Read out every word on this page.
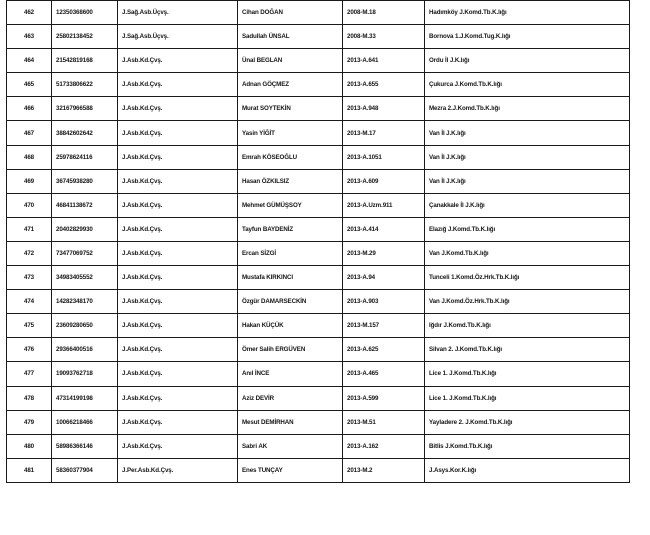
462	12350368600	J.Sağ.Asb.Üçvş.	Cihan DOĞAN	2008-M.18	Hadımköy J.Komd.Tb.K.lığı
463	25802138452	J.Sağ.Asb.Üçvş.	Sadullah ÜNSAL	2008-M.33	Bornova 1.J.Komd.Tug.K.lığı
464	21542819168	J.Asb.Kd.Çvş.	Ünal BEGLAN	2013-A.641	Ordu İl J.K.lığı
465	51733806622	J.Asb.Kd.Çvş.	Adnan GÖÇMEZ	2013-A.655	Çukurca J.Komd.Tb.K.lığı
466	32167966588	J.Asb.Kd.Çvş.	Murat SOYTEKİN	2013-A.948	Mezra 2.J.Komd.Tb.K.lığı
467	38842602642	J.Asb.Kd.Çvş.	Yasin YİĞİT	2013-M.17	Van İl J.K.lığı
468	25978624116	J.Asb.Kd.Çvş.	Emrah KÖSEOĞLU	2013-A.1051	Van İl J.K.lığı
469	36745938280	J.Asb.Kd.Çvş.	Hasan ÖZKILSIZ	2013-A.609	Van İl J.K.lığı
470	46841138672	J.Asb.Kd.Çvş.	Mehmet GÜMÜŞSOY	2013-A.Uzm.911	Çanakkale İl J.K.lığı
471	20402829930	J.Asb.Kd.Çvş.	Tayfun BAYDENİZ	2013-A.414	Elazığ J.Komd.Tb.K.lığı
472	73477069752	J.Asb.Kd.Çvş.	Ercan SİZGİ	2013-M.29	Van J.Komd.Tb.K.lığı
473	34983405552	J.Asb.Kd.Çvş.	Mustafa KIRKINCI	2013-A.94	Tunceli 1.Komd.Öz.Hrk.Tb.K.lığı
474	14282348170	J.Asb.Kd.Çvş.	Özgür DAMARSECKİN	2013-A.903	Van J.Komd.Öz.Hrk.Tb.K.lığı
475	23609280650	J.Asb.Kd.Çvş.	Hakan KÜÇÜK	2013-M.157	Iğdır J.Komd.Tb.K.lığı
476	29366400516	J.Asb.Kd.Çvş.	Ömer Salih ERGÜVEN	2013-A.625	Silvan 2. J.Komd.Tb.K.lığı
477	19093762718	J.Asb.Kd.Çvş.	Anıl İNCE	2013-A.465	Lice 1. J.Komd.Tb.K.lığı
478	47314199198	J.Asb.Kd.Çvş.	Aziz DEVİR	2013-A.599	Lice 1. J.Komd.Tb.K.lığı
479	10066218466	J.Asb.Kd.Çvş.	Mesut DEMİRHAN	2013-M.51	Yayladere 2. J.Komd.Tb.K.lığı
480	58986366146	J.Asb.Kd.Çvş.	Sabri AK	2013-A.162	Bitlis J.Komd.Tb.K.lığı
481	58360377904	J.Per.Asb.Kd.Çvş.	Enes TUNÇAY	2013-M.2	J.Asys.Kor.K.lığı
